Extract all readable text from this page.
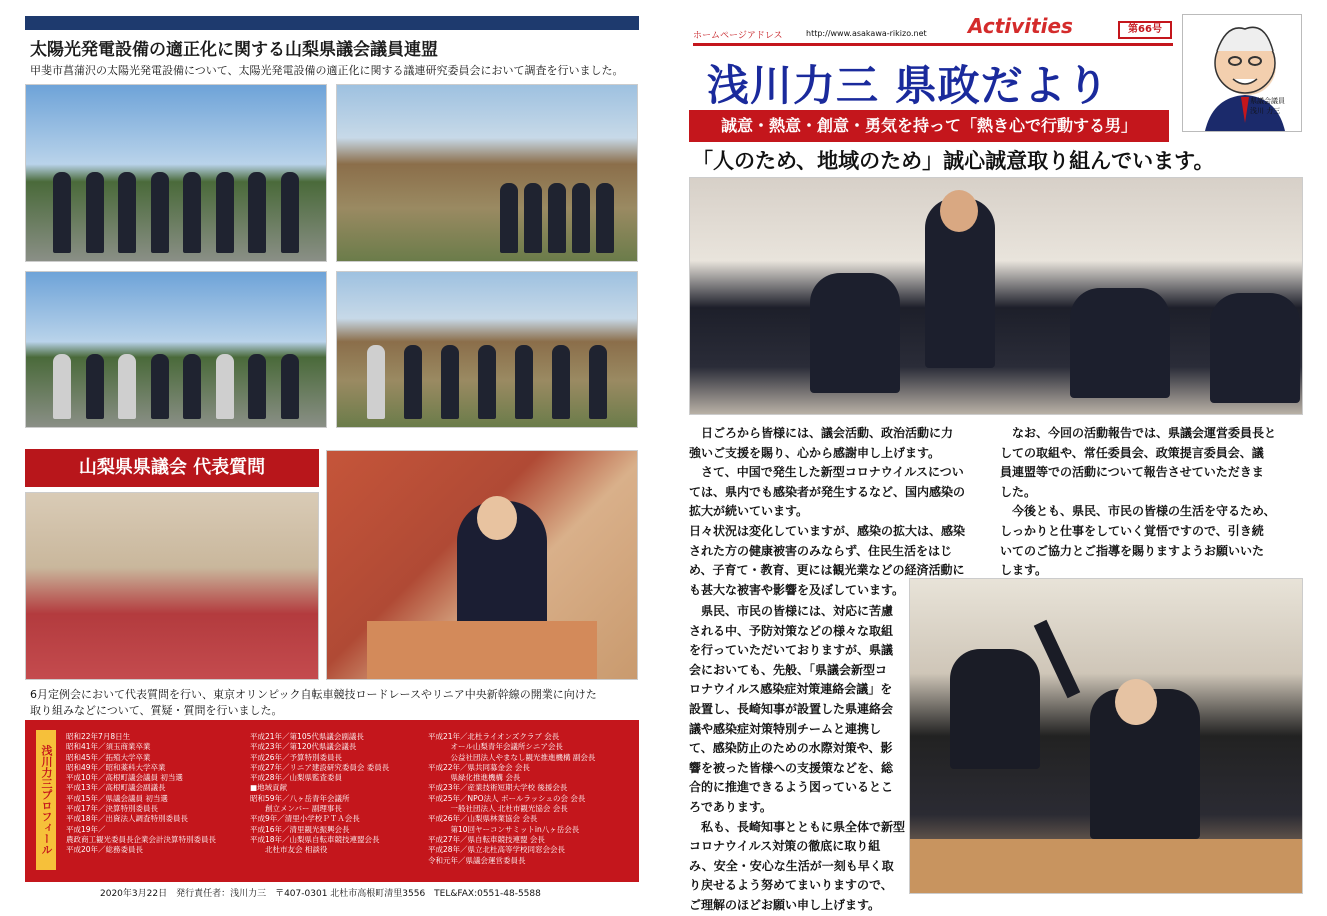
太陽光発電設備の適正化に関する山梨県議会議員連盟
甲斐市菖蒲沢の太陽光発電設備について、太陽光発電設備の適正化に関する議連研究委員会において調査を行いました。
山梨県県議会 代表質問
6月定例会において代表質問を行い、東京オリンピック自転車競技ロードレースやリニア中央新幹線の開業に向けた
取り組みなどについて、質疑・質問を行いました。
浅川力三プロフィール
昭和22年7月8日生
昭和41年／須玉商業卒業
昭和45年／拓殖大学卒業
昭和49年／昭和薬科大学卒業
平成10年／高根町議会議員 初当選
平成13年／高根町議会副議長
平成15年／県議会議員 初当選
平成17年／決算特別委員長
平成18年／出資法人調査特別委員長
平成19年／
農政商工観光委員長企業会計決算特別委員長
平成20年／総務委員長
平成21年／第105代県議会副議長
平成23年／第120代県議会議長
平成26年／予算特別委員長
平成27年／リニア建設研究委員会 委員長
平成28年／山梨県監査委員
■地域貢献
昭和59年／八ヶ岳青年会議所
　　創立メンバー 副理事長
平成9年／清里小学校ＰＴＡ会長
平成16年／清里観光振興会長
平成18年／山梨県自転車競技連盟会長
　　北杜市友会 相談役
平成21年／北杜ライオンズクラブ 会長
　　　オール山梨青年会議所シニア会長
　　　公益社団法人やまなし観光推進機構 副会長
平成22年／県共同募金会 会長
　　　県緑化推進機構 会長
平成23年／産業技術短期大学校 後援会長
平成25年／NPO法人 ボールラッシュの会 会長
　　　一般社団法人 北杜市観光協会 会長
平成26年／山梨県林業協会 会長
　　　第10回ヤーコンサミットin八ヶ岳会長
平成27年／県自転車競技連盟 会長
平成28年／県立北杜高等学校同窓会会長
令和元年／県議会運営委員長
2020年3月22日　発行責任者：浅川力三　〒407-0301 北杜市高根町清里3556　TEL&FAX:0551-48-5588
ホームページアドレス	http://www.asakawa-rikizo.net Activities	第66号
浅川力三 県政だより	県議会議員
浅川 力三
誠意・熱意・創意・勇気を持って「熱き心で行動する男」
「人のため、地域のため」誠心誠意取り組んでいます。
　日ごろから皆様には、議会活動、政治活動に力
強いご支援を賜り、心から感謝申し上げます。
　さて、中国で発生した新型コロナウイルスについ
ては、県内でも感染者が発生するなど、国内感染の
拡大が続いています。
日々状況は変化していますが、感染の拡大は、感染
された方の健康被害のみならず、住民生活をはじ
め、子育て・教育、更には観光業などの経済活動に
も甚大な被害や影響を及ぼしています。
　なお、今回の活動報告では、県議会運営委員長と
しての取組や、常任委員会、政策提言委員会、議
員連盟等での活動について報告させていただきま
した。
　今後とも、県民、市民の皆様の生活を守るため、
しっかりと仕事をしていく覚悟ですので、引き続
いてのご協力とご指導を賜りますようお願いいた
します。
　県民、市民の皆様には、対応に苦慮
される中、予防対策などの様々な取組
を行っていただいておりますが、県議
会においても、先般、「県議会新型コ
ロナウイルス感染症対策連絡会議」を
設置し、長崎知事が設置した県連絡会
議や感染症対策特別チームと連携し
て、感染防止のための水際対策や、影
響を被った皆様への支援策などを、総
合的に推進できるよう図っているとこ
ろであります。
　私も、長崎知事とともに県全体で新型
コロナウイルス対策の徹底に取り組
み、安全・安心な生活が一刻も早く取
り戻せるよう努めてまいりますので、
ご理解のほどお願い申し上げます。
